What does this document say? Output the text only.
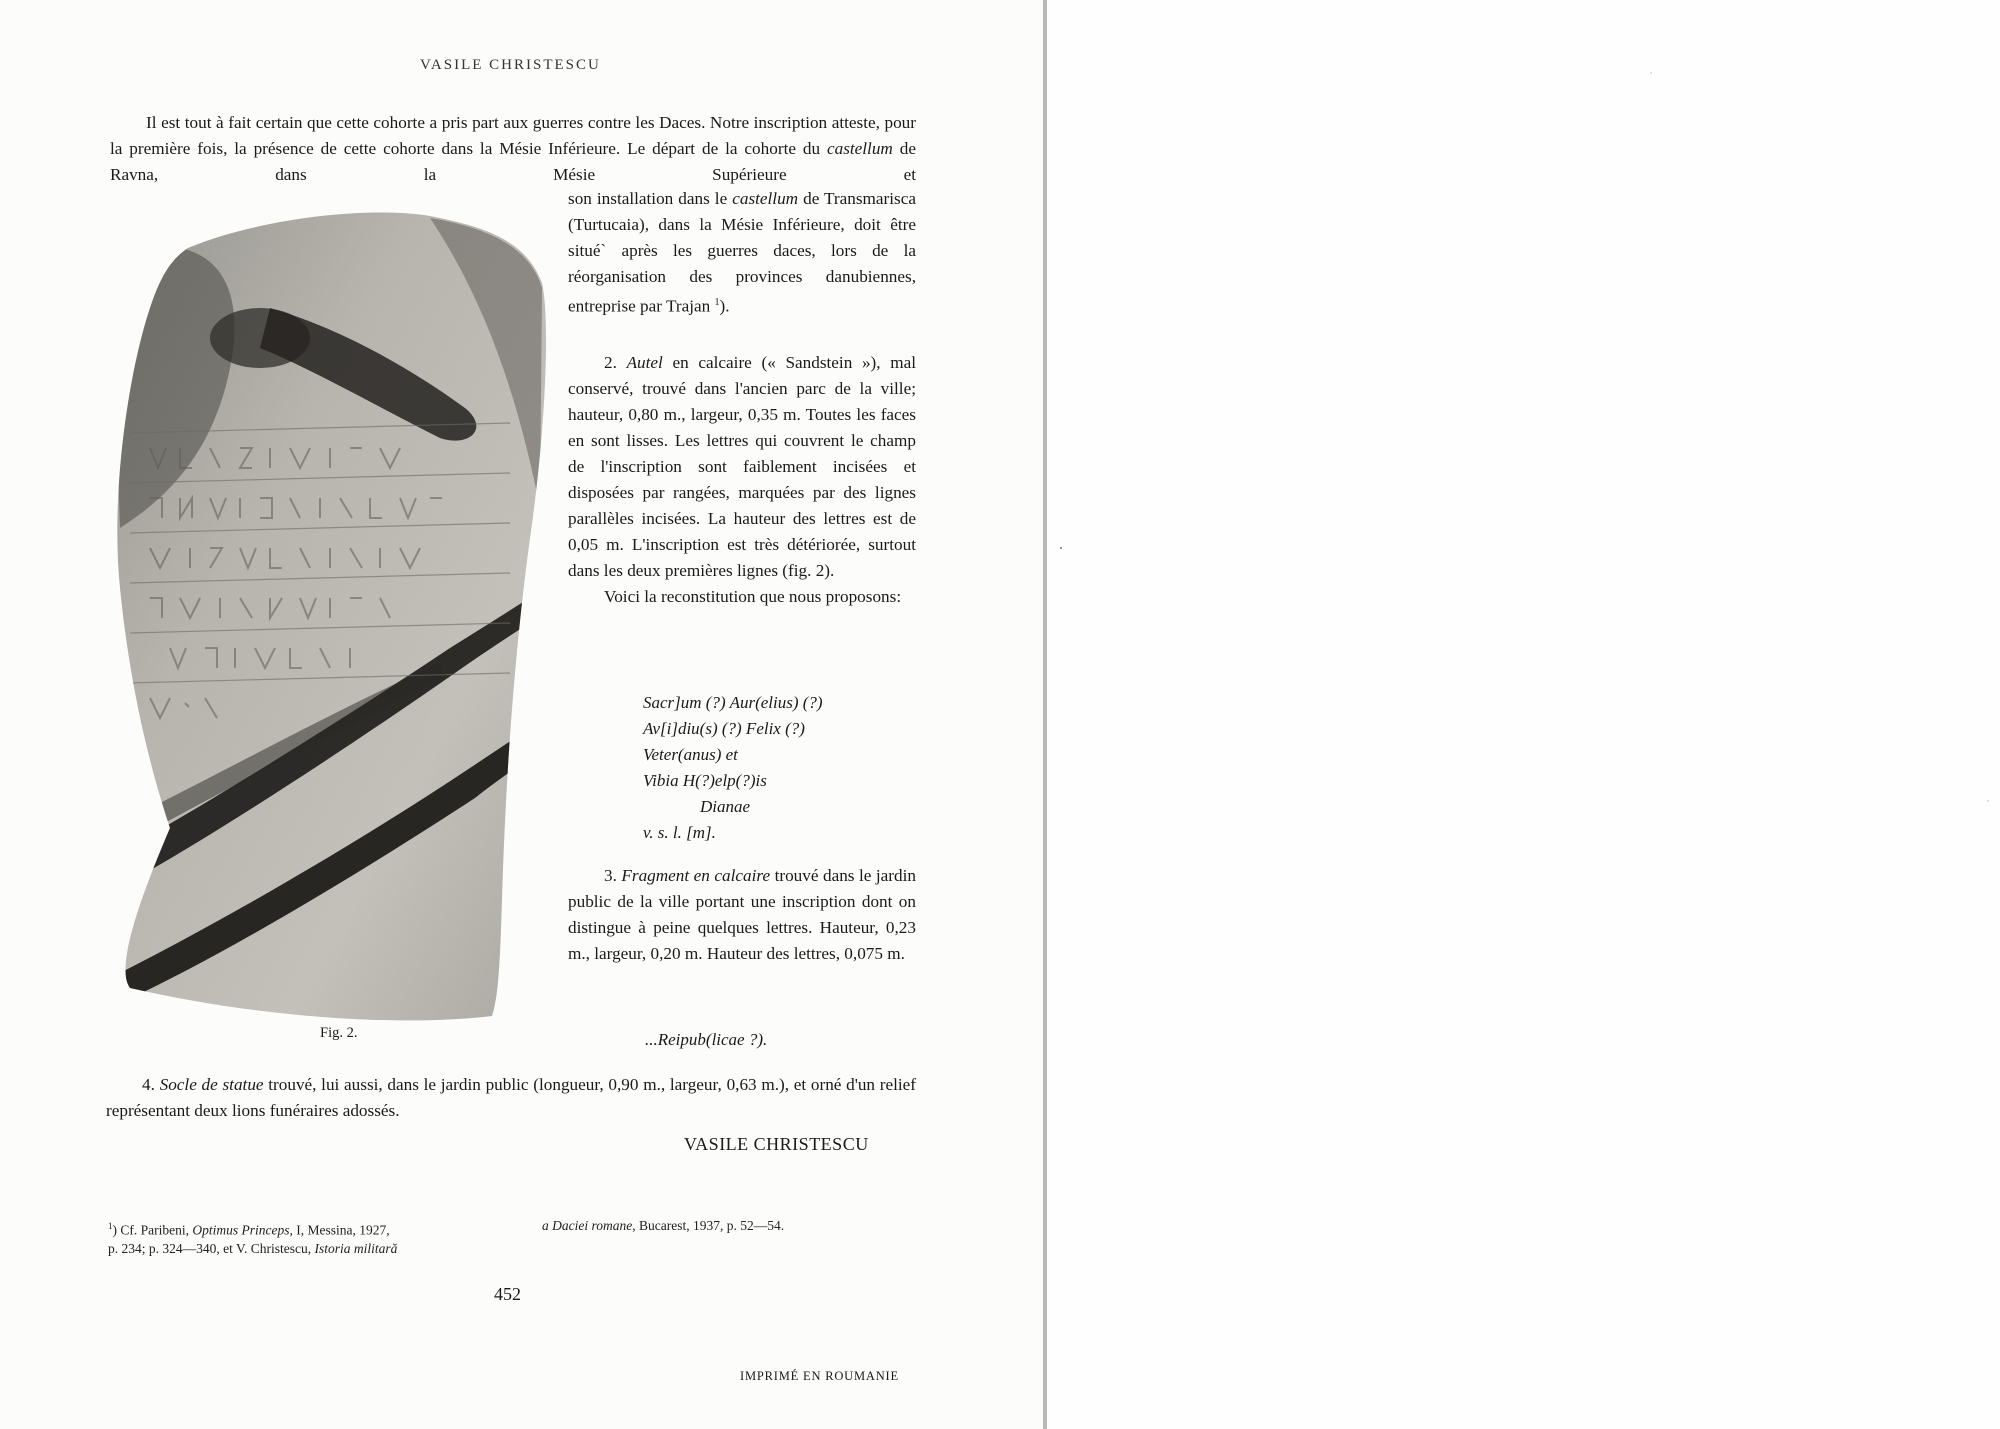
VASILE CHRISTESCU
Il est tout à fait certain que cette cohorte a pris part aux guerres contre les Daces. Notre inscription atteste, pour la première fois, la présence de cette cohorte dans la Mésie Inférieure. Le départ de la cohorte du castellum de Ravna, dans la Mésie Supérieure et
son installation dans le castellum de Transmarisca (Turtucaia), dans la Mésie Inférieure, doit être situé` après les guerres daces, lors de la réorganisation des provinces danubiennes, entreprise par Trajan $^1$).
2. Autel en calcaire (« Sandstein »), mal conservé, trouvé dans l'ancien parc de la ville; hauteur, 0,80 m., largeur, 0,35 m. Toutes les faces en sont lisses. Les lettres qui couvrent le champ de l'inscription sont faiblement incisées et disposées par rangées, marquées par des lignes parallèles incisées. La hauteur des lettres est de 0,05 m. L'inscription est très détériorée, surtout dans les deux premières lignes (fig. 2).
Voici la reconstitution que nous proposons:
Sacr]um (?) Aur(elius) (?)
Av[i]diu(s) (?) Felix (?)
Veter(anus) et
Vibia H(?)elp(?)is
Dianae
v. s. l. [m].
3. Fragment en calcaire trouvé dans le jardin public de la ville portant une inscription dont on distingue à peine quelques lettres. Hauteur, 0,23 m., largeur, 0,20 m. Hauteur des lettres, 0,075 m.
...Reipub(licae ?).
Fig. 2.
4. Socle de statue trouvé, lui aussi, dans le jardin public (longueur, 0,90 m., largeur, 0,63 m.), et orné d'un relief représentant deux lions funéraires adossés.
VASILE CHRISTESCU
$^1$) Cf. Paribeni, Optimus Princeps, I, Messina, 1927,
p. 234; p. 324—340, et V. Christescu, Istoria militară
a Daciei romane, Bucarest, 1937, p. 52—54.
452
IMPRIMÉ EN ROUMANIE
